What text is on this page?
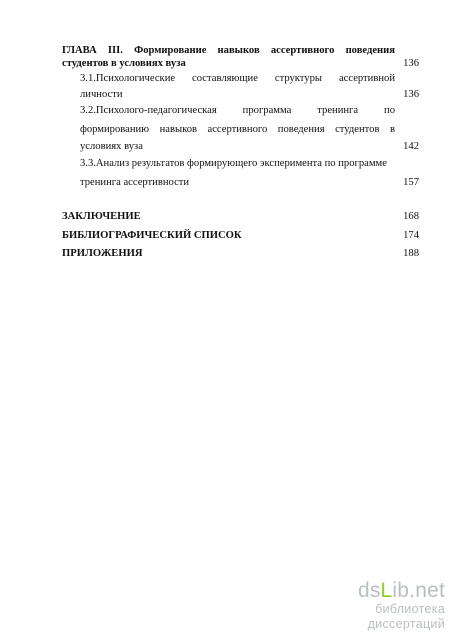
ГЛАВА III. Формирование навыков ассертивного поведения
студентов в условиях вуза	136
3.1.Психологические составляющие структуры ассертивной
личности	136
3.2.Психолого-педагогическая программа тренинга по
формированию навыков ассертивного поведения студентов в
условиях вуза	142
3.3.Анализ результатов формирующего эксперимента по программе
тренинга ассертивности	157
ЗАКЛЮЧЕНИЕ	168
БИБЛИОГРАФИЧЕСКИЙ СПИСОК	174
ПРИЛОЖЕНИЯ	188
dsLib.net
библиотека диссертаций
